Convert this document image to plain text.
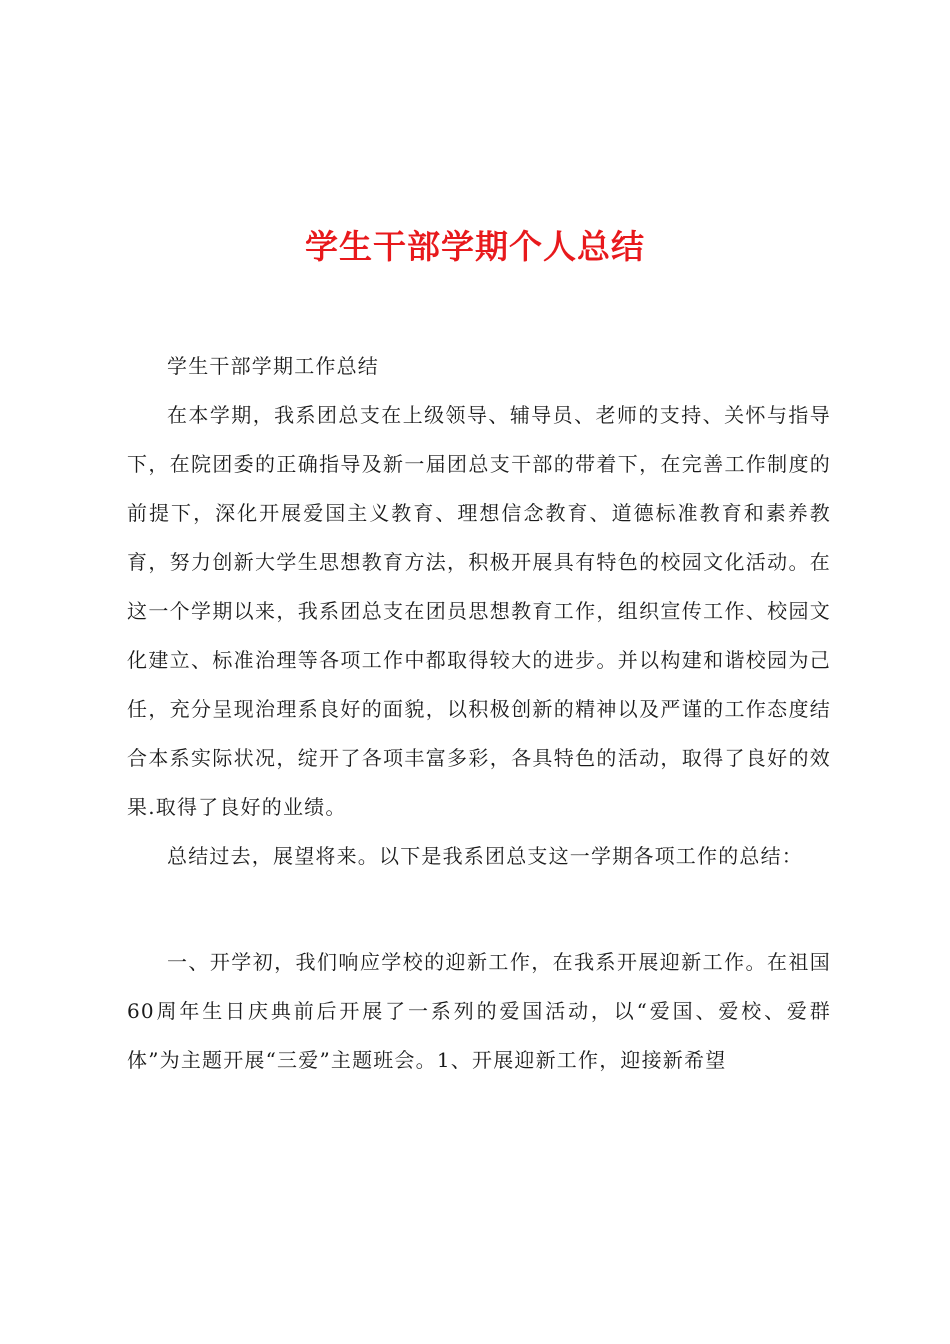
学生干部学期个人总结

学生干部学期工作总结

在本学期，我系团总支在上级领导、辅导员、老师的支持、关怀与指导下，在院团委的正确指导及新一届团总支干部的带着下，在完善工作制度的前提下，深化开展爱国主义教育、理想信念教育、道德标准教育和素养教育，努力创新大学生思想教育方法，积极开展具有特色的校园文化活动。在这一个学期以来，我系团总支在团员思想教育工作，组织宣传工作、校园文化建立、标准治理等各项工作中都取得较大的进步。并以构建和谐校园为己任，充分呈现治理系良好的面貌，以积极创新的精神以及严谨的工作态度结合本系实际状况，绽开了各项丰富多彩，各具特色的活动，取得了良好的效果.取得了良好的业绩。

总结过去，展望将来。以下是我系团总支这一学期各项工作的总结：

一、开学初，我们响应学校的迎新工作，在我系开展迎新工作。在祖国60周年生日庆典前后开展了一系列的爱国活动，以“爱国、爱校、爱群体”为主题开展“三爱”主题班会。1、开展迎新工作，迎接新希望
